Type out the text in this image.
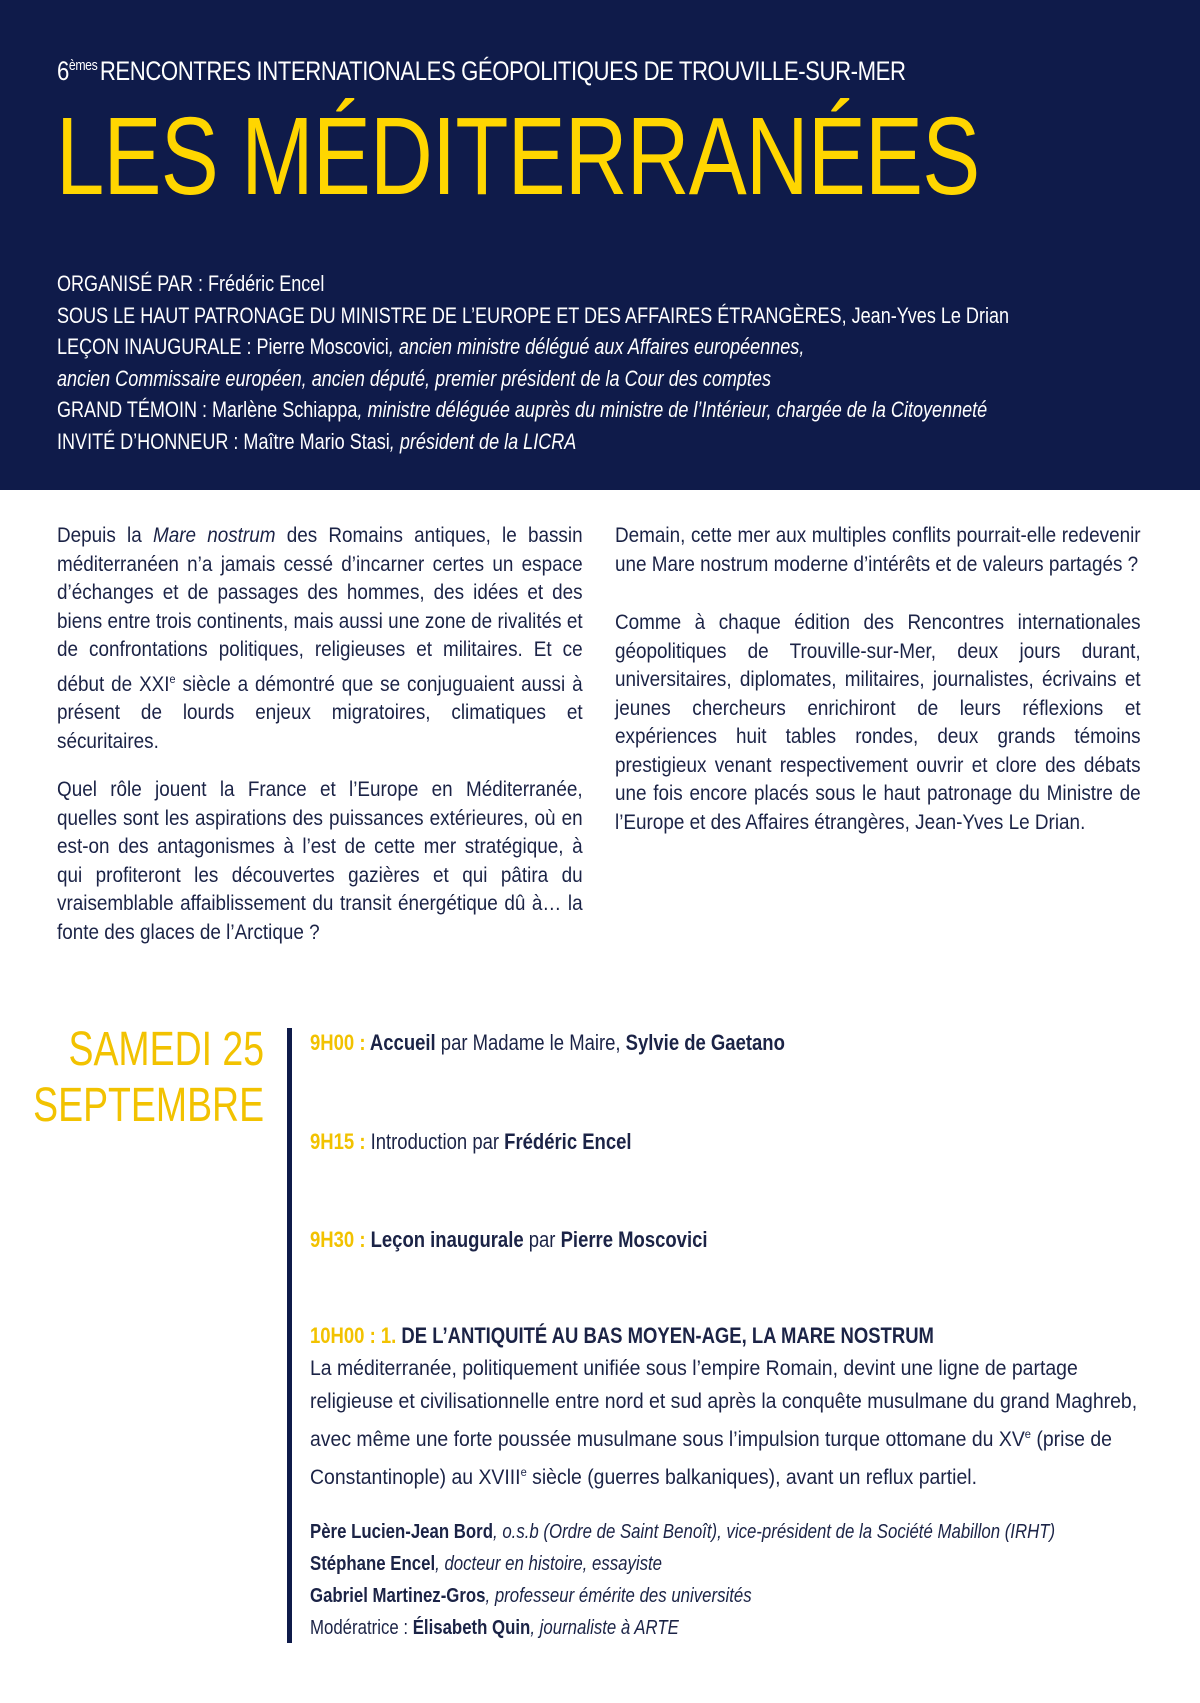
6èmesRENCONTRES INTERNATIONALES GÉOPOLITIQUES DE TROUVILLE-SUR-MER
LES MÉDITERRANÉES
ORGANISÉ PAR : Frédéric Encel
SOUS LE HAUT PATRONAGE DU MINISTRE DE L’EUROPE ET DES AFFAIRES ÉTRANGÈRES, Jean-Yves Le Drian
LEÇON INAUGURALE : Pierre Moscovici, ancien ministre délégué aux Affaires européennes,
ancien Commissaire européen, ancien député, premier président de la Cour des comptes
GRAND TÉMOIN : Marlène Schiappa, ministre déléguée auprès du ministre de l’Intérieur, chargée de la Citoyenneté
INVITÉ D’HONNEUR : Maître Mario Stasi, président de la LICRA

Depuis la Mare nostrum des Romains antiques, le bassin méditerranéen n’a jamais cessé d’incarner certes un espace d’échanges et de passages des hommes, des idées et des biens entre trois continents, mais aussi une zone de rivalités et de confrontations politiques, religieuses et militaires. Et ce début de XXIe siècle a démontré que se conjuguaient aussi à présent de lourds enjeux migratoires, climatiques et sécuritaires.

Quel rôle jouent la France et l’Europe en Méditerranée, quelles sont les aspirations des puissances extérieures, où en est-on des antagonismes à l’est de cette mer stratégique, à qui profiteront les découvertes gazières et qui pâtira du vraisemblable affaiblissement du transit énergétique dû à… la fonte des glaces de l’Arctique ?

Demain, cette mer aux multiples conflits pourrait-elle redevenir une Mare nostrum moderne d’intérêts et de valeurs partagés ?

Comme à chaque édition des Rencontres internationales géopolitiques de Trouville-sur-Mer, deux jours durant, universitaires, diplomates, militaires, journalistes, écrivains et jeunes chercheurs enrichiront de leurs réflexions et expériences huit tables rondes, deux grands témoins prestigieux venant respectivement ouvrir et clore des débats une fois encore placés sous le haut patronage du Ministre de l’Europe et des Affaires étrangères, Jean-Yves Le Drian.

SAMEDI 25
SEPTEMBRE
9H00 : Accueil par Madame le Maire, Sylvie de Gaetano
9H15 : Introduction par Frédéric Encel
9H30 : Leçon inaugurale par Pierre Moscovici
10H00 : 1. DE L’ANTIQUITÉ AU BAS MOYEN-AGE, LA MARE NOSTRUM
La méditerranée, politiquement unifiée sous l’empire Romain, devint une ligne de partage religieuse et civilisationnelle entre nord et sud après la conquête musulmane du grand Maghreb, avec même une forte poussée musulmane sous l’impulsion turque ottomane du XVe (prise de Constantinople) au XVIIIe siècle (guerres balkaniques), avant un reflux partiel.
Père Lucien-Jean Bord, o.s.b (Ordre de Saint Benoît), vice-président de la Société Mabillon (IRHT)
Stéphane Encel, docteur en histoire, essayiste
Gabriel Martinez-Gros, professeur émérite des universités
Modératrice : Élisabeth Quin, journaliste à ARTE
